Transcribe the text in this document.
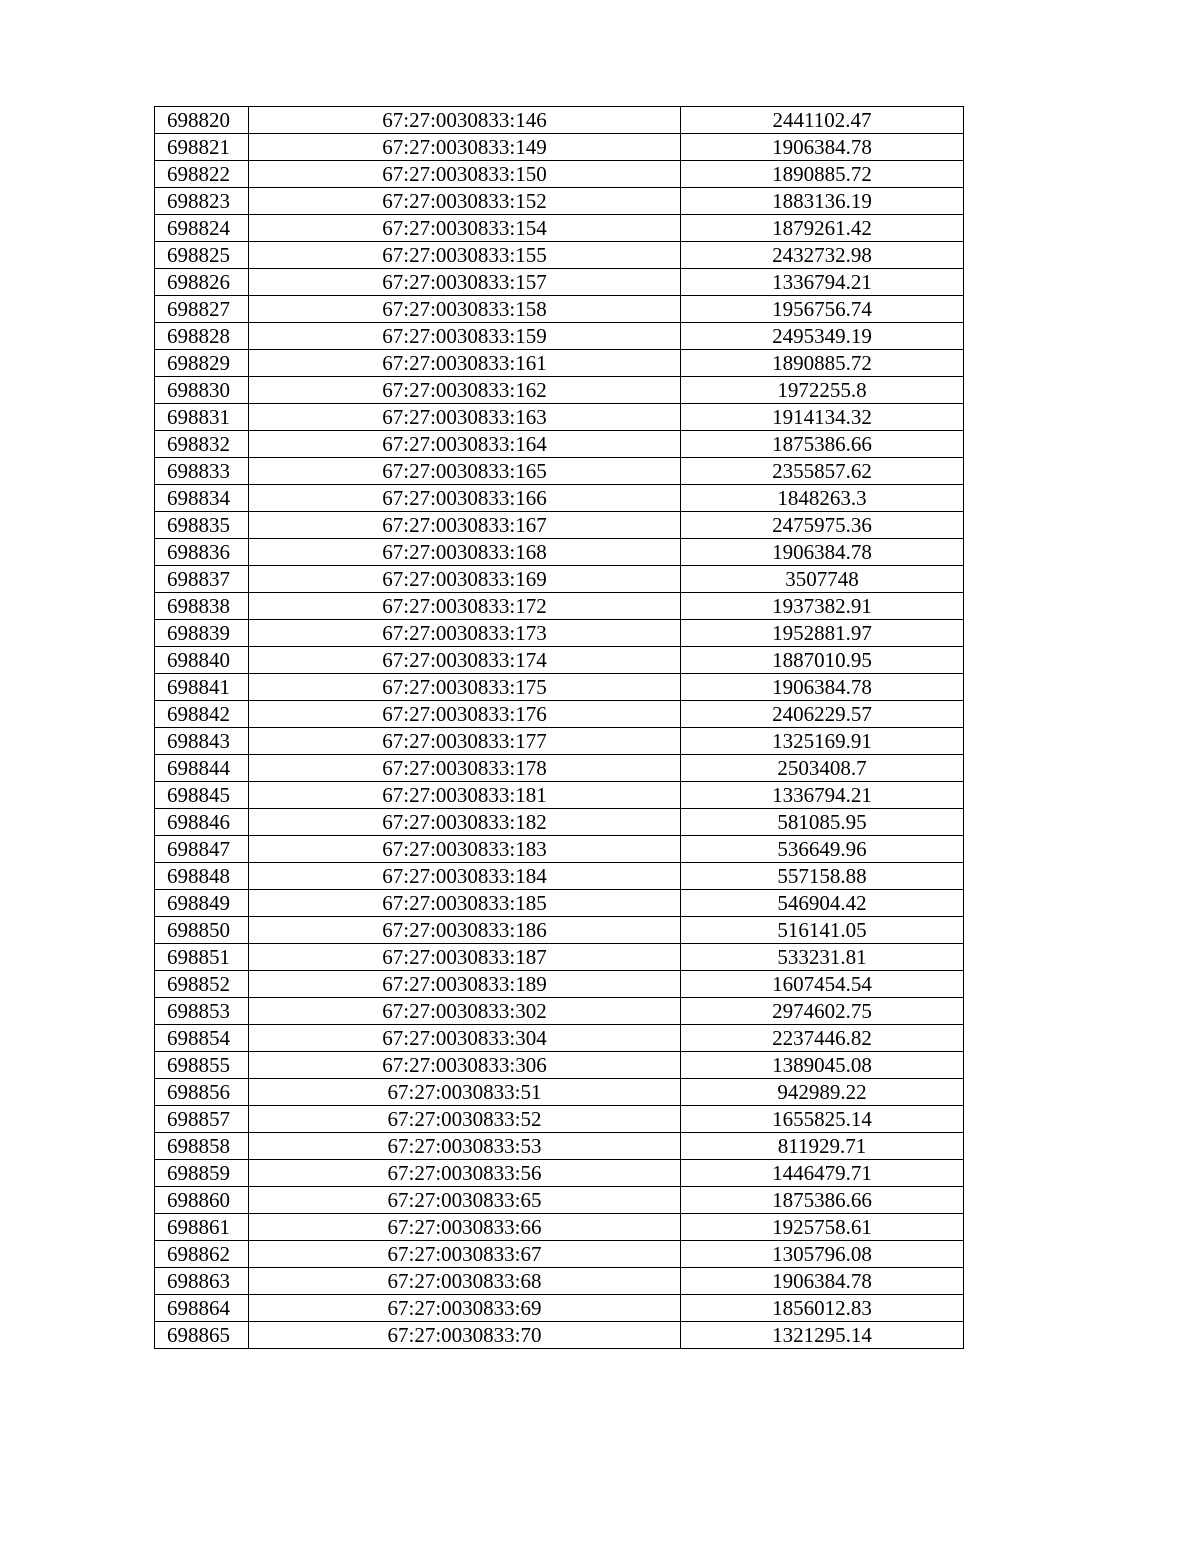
698820	67:27:0030833:146	2441102.47
698821	67:27:0030833:149	1906384.78
698822	67:27:0030833:150	1890885.72
698823	67:27:0030833:152	1883136.19
698824	67:27:0030833:154	1879261.42
698825	67:27:0030833:155	2432732.98
698826	67:27:0030833:157	1336794.21
698827	67:27:0030833:158	1956756.74
698828	67:27:0030833:159	2495349.19
698829	67:27:0030833:161	1890885.72
698830	67:27:0030833:162	1972255.8
698831	67:27:0030833:163	1914134.32
698832	67:27:0030833:164	1875386.66
698833	67:27:0030833:165	2355857.62
698834	67:27:0030833:166	1848263.3
698835	67:27:0030833:167	2475975.36
698836	67:27:0030833:168	1906384.78
698837	67:27:0030833:169	3507748
698838	67:27:0030833:172	1937382.91
698839	67:27:0030833:173	1952881.97
698840	67:27:0030833:174	1887010.95
698841	67:27:0030833:175	1906384.78
698842	67:27:0030833:176	2406229.57
698843	67:27:0030833:177	1325169.91
698844	67:27:0030833:178	2503408.7
698845	67:27:0030833:181	1336794.21
698846	67:27:0030833:182	581085.95
698847	67:27:0030833:183	536649.96
698848	67:27:0030833:184	557158.88
698849	67:27:0030833:185	546904.42
698850	67:27:0030833:186	516141.05
698851	67:27:0030833:187	533231.81
698852	67:27:0030833:189	1607454.54
698853	67:27:0030833:302	2974602.75
698854	67:27:0030833:304	2237446.82
698855	67:27:0030833:306	1389045.08
698856	67:27:0030833:51	942989.22
698857	67:27:0030833:52	1655825.14
698858	67:27:0030833:53	811929.71
698859	67:27:0030833:56	1446479.71
698860	67:27:0030833:65	1875386.66
698861	67:27:0030833:66	1925758.61
698862	67:27:0030833:67	1305796.08
698863	67:27:0030833:68	1906384.78
698864	67:27:0030833:69	1856012.83
698865	67:27:0030833:70	1321295.14
